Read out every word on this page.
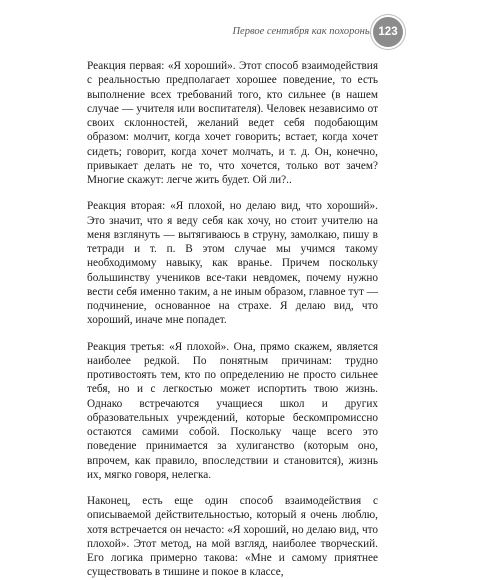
Первое сентября как похороны 123

Реакция первая: «Я хороший». Этот способ взаимодействия с реальностью предполагает хорошее поведение, то есть выполнение всех требований того, кто сильнее (в нашем случае — учителя или воспитателя). Человек независимо от своих склонностей, желаний ведет себя подобающим образом: молчит, когда хочет говорить; встает, когда хочет сидеть; говорит, когда хочет молчать, и т. д. Он, конечно, привыкает делать не то, что хочется, только вот зачем? Многие скажут: легче жить будет. Ой ли?..

Реакция вторая: «Я плохой, но делаю вид, что хороший». Это значит, что я веду себя как хочу, но стоит учителю на меня взглянуть — вытягиваюсь в струну, замолкаю, пишу в тетради и т. п. В этом случае мы учимся такому необходимому навыку, как вранье. Причем поскольку большинству учеников все-таки невдомек, почему нужно вести себя именно таким, а не иным образом, главное тут — подчинение, основанное на страхе. Я делаю вид, что хороший, иначе мне попадет.

Реакция третья: «Я плохой». Она, прямо скажем, является наиболее редкой. По понятным причинам: трудно противостоять тем, кто по определению не просто сильнее тебя, но и с легкостью может испортить твою жизнь. Однако встречаются учащиеся школ и других образовательных учреждений, которые бескомпромиссно остаются самими собой. Поскольку чаще всего это поведение принимается за хулиганство (которым оно, впрочем, как правило, впоследствии и становится), жизнь их, мягко говоря, нелегка.

Наконец, есть еще один способ взаимодействия с описываемой действительностью, который я очень люблю, хотя встречается он нечасто: «Я хороший, но делаю вид, что плохой». Этот метод, на мой взгляд, наиболее творческий. Его логика примерно такова: «Мне и самому приятнее существовать в тишине и покое в классе,
